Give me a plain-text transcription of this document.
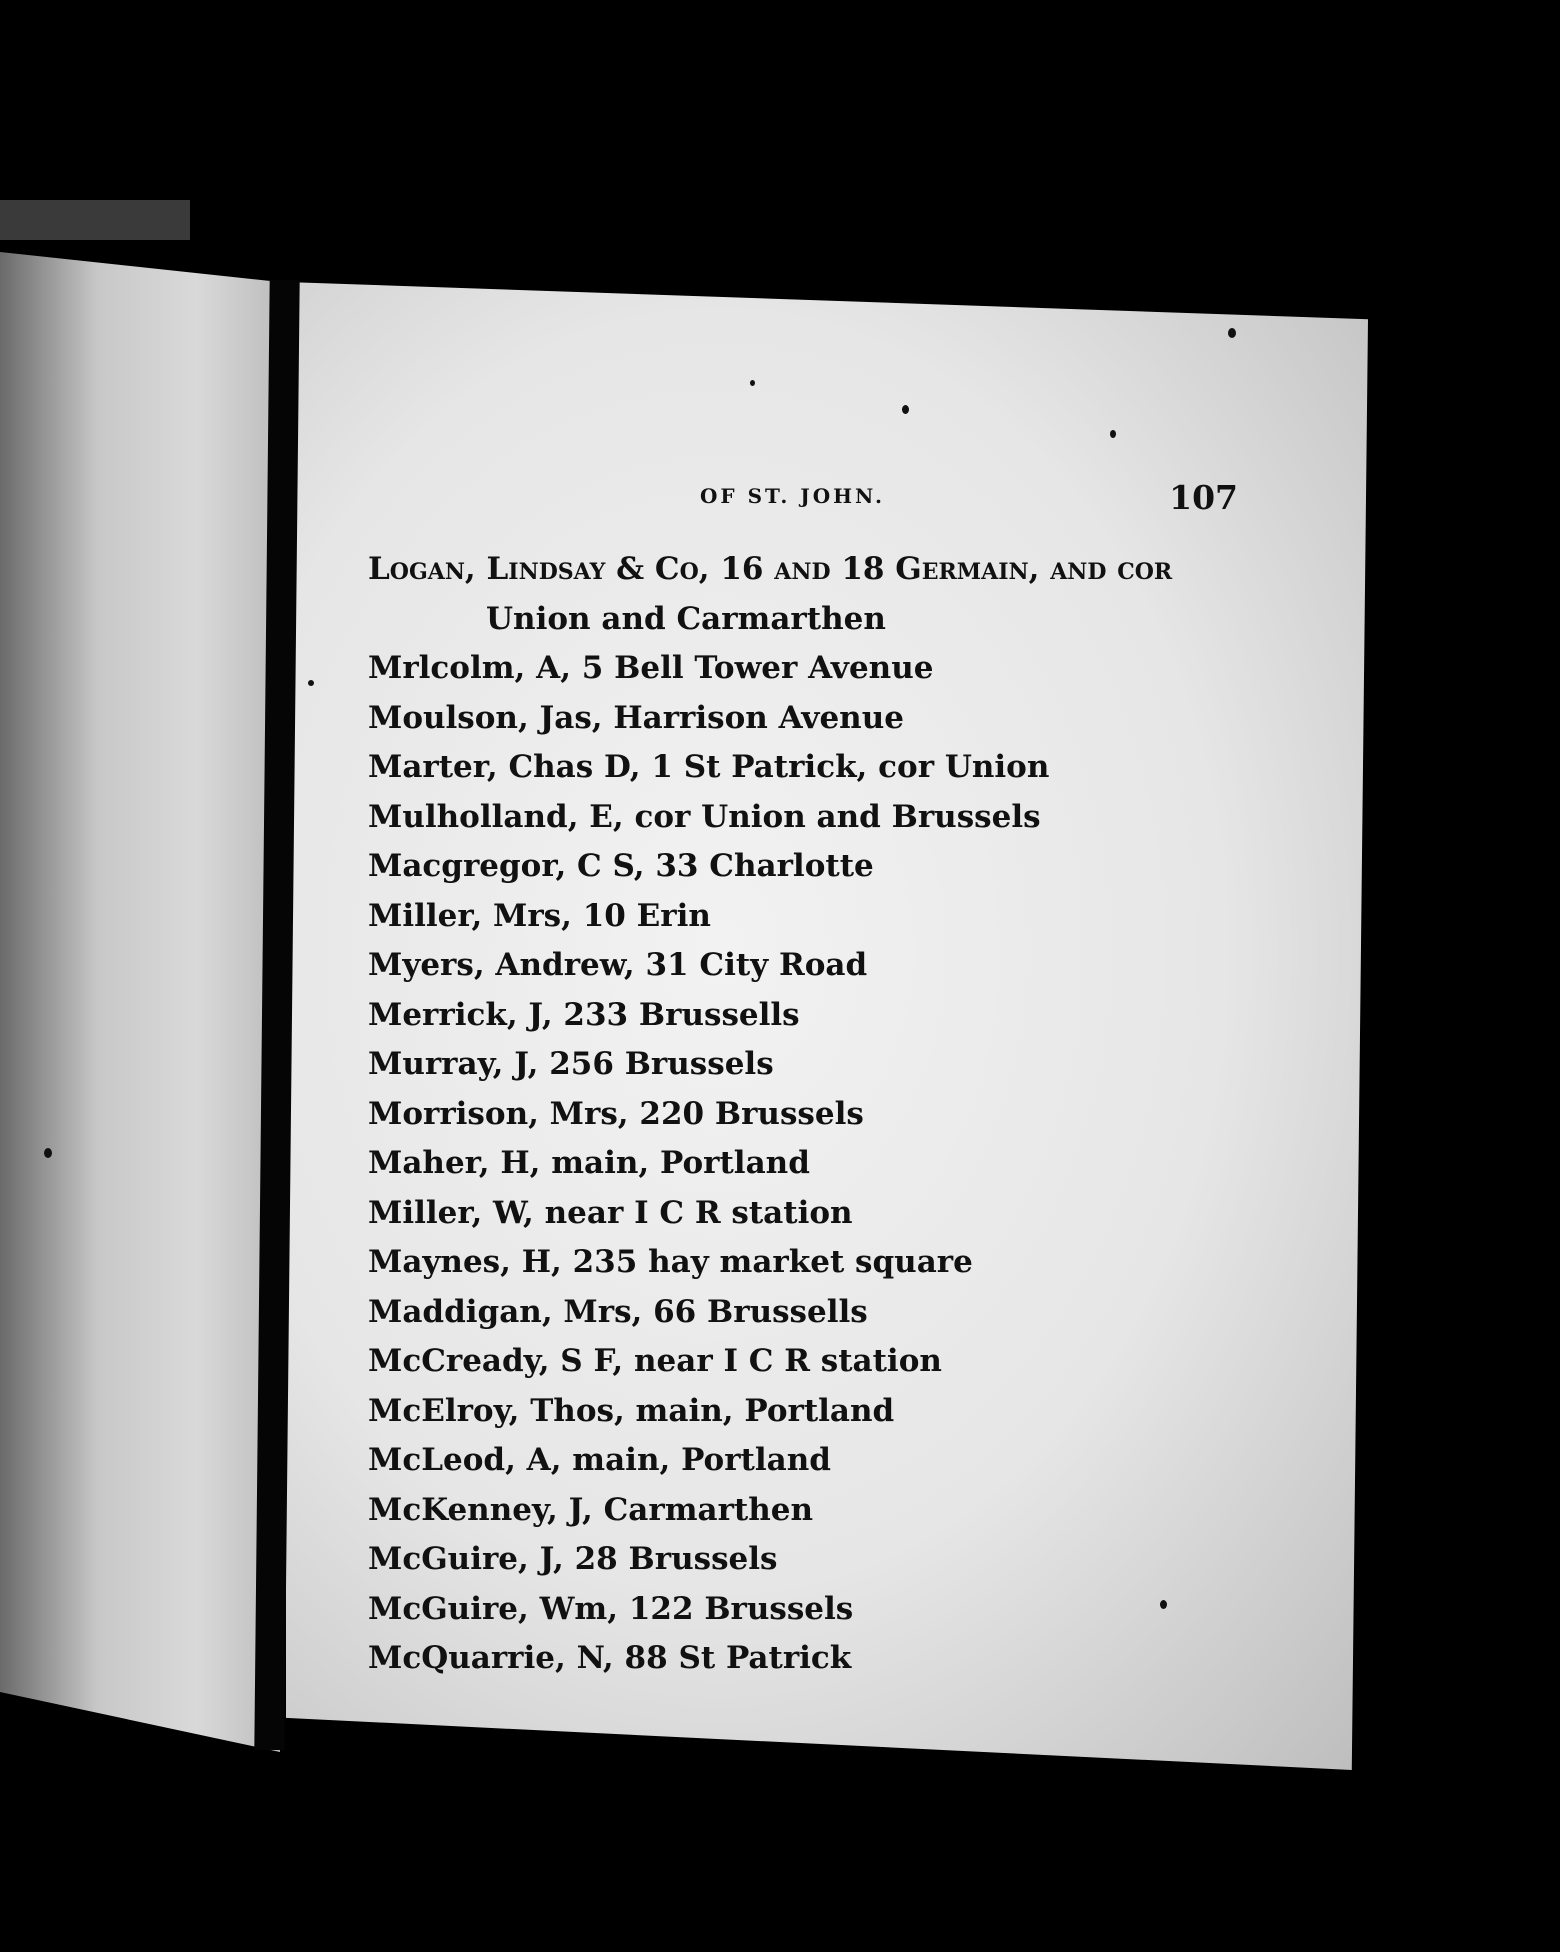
OF ST. JOHN.	107
Logan, Lindsay & Co, 16 and 18 Germain, and cor
Union and Carmarthen
Mrlcolm, A, 5 Bell Tower Avenue
Moulson, Jas, Harrison Avenue
Marter, Chas D, 1 St Patrick, cor Union
Mulholland, E, cor Union and Brussels
Macgregor, C S, 33 Charlotte
Miller, Mrs, 10 Erin
Myers, Andrew, 31 City Road
Merrick, J, 233 Brussells
Murray, J, 256 Brussels
Morrison, Mrs, 220 Brussels
Maher, H, main, Portland
Miller, W, near I C R station
Maynes, H, 235 hay market square
Maddigan, Mrs, 66 Brussells
McCready, S F, near I C R station
McElroy, Thos, main, Portland
McLeod, A, main, Portland
McKenney, J, Carmarthen
McGuire, J, 28 Brussels
McGuire, Wm, 122 Brussels
McQuarrie, N, 88 St Patrick
